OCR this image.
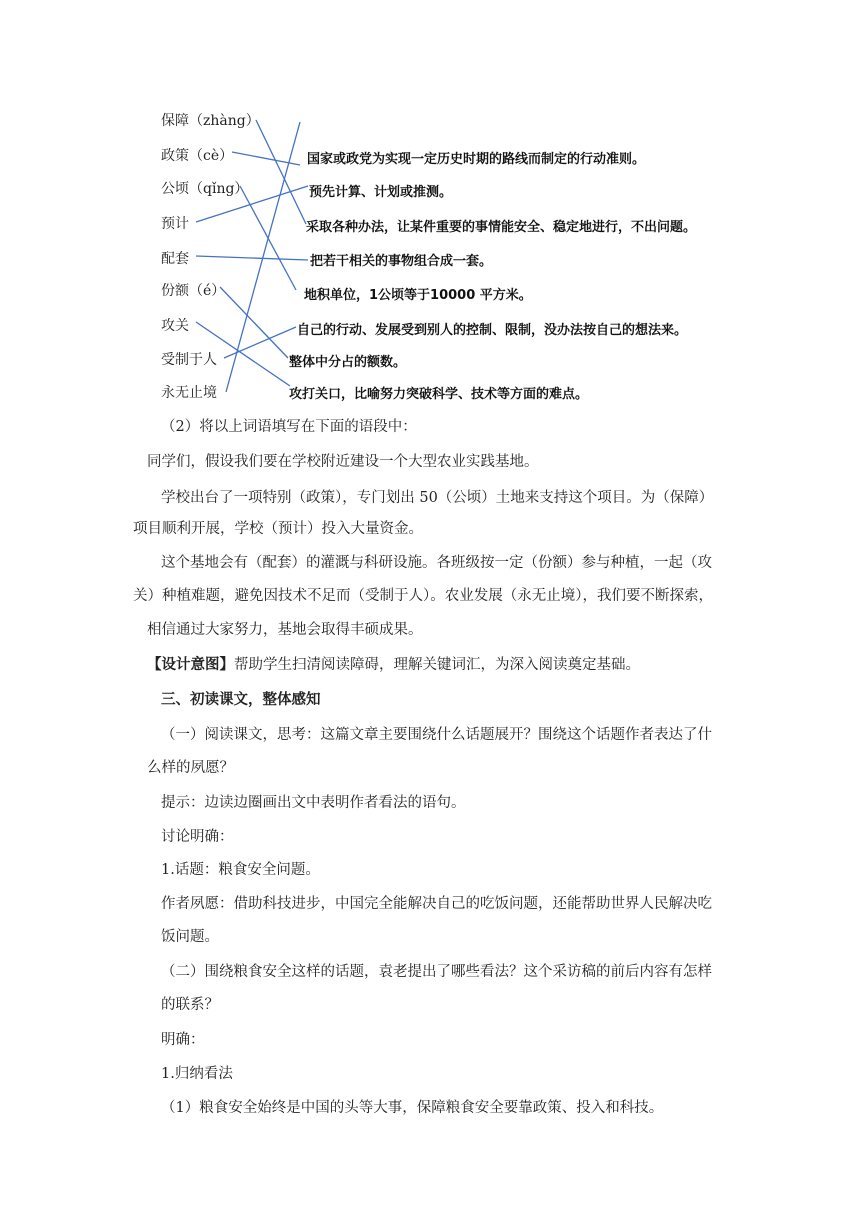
保障（zhàng）
政策（cè）
公顷（qǐng）
预计
配套
份额（é）
攻关
受制于人
永无止境
国家或政党为实现一定历史时期的路线而制定的行动准则。
预先计算、计划或推测。
采取各种办法，让某件重要的事情能安全、稳定地进行，不出问题。
把若干相关的事物组合成一套。
地积单位，1公顷等于10000 平方米。
自己的行动、发展受到别人的控制、限制，没办法按自己的想法来。
整体中分占的额数。
攻打关口，比喻努力突破科学、技术等方面的难点。
（2）将以上词语填写在下面的语段中：
同学们，假设我们要在学校附近建设一个大型农业实践基地。
学校出台了一项特别（政策），专门划出 50（公顷）土地来支持这个项目。为（保障）
项目顺利开展，学校（预计）投入大量资金。
这个基地会有（配套）的灌溉与科研设施。各班级按一定（份额）参与种植，一起（攻
关）种植难题，避免因技术不足而（受制于人）。农业发展（永无止境），我们要不断探索，
相信通过大家努力，基地会取得丰硕成果。
【设计意图】帮助学生扫清阅读障碍，理解关键词汇，为深入阅读奠定基础。
三、初读课文，整体感知
（一）阅读课文，思考：这篇文章主要围绕什么话题展开？围绕这个话题作者表达了什
么样的夙愿？
提示：边读边圈画出文中表明作者看法的语句。
讨论明确：
1.话题：粮食安全问题。
作者夙愿：借助科技进步，中国完全能解决自己的吃饭问题，还能帮助世界人民解决吃
饭问题。
（二）围绕粮食安全这样的话题，袁老提出了哪些看法？这个采访稿的前后内容有怎样
的联系？
明确：
1.归纳看法
（1）粮食安全始终是中国的头等大事，保障粮食安全要靠政策、投入和科技。
